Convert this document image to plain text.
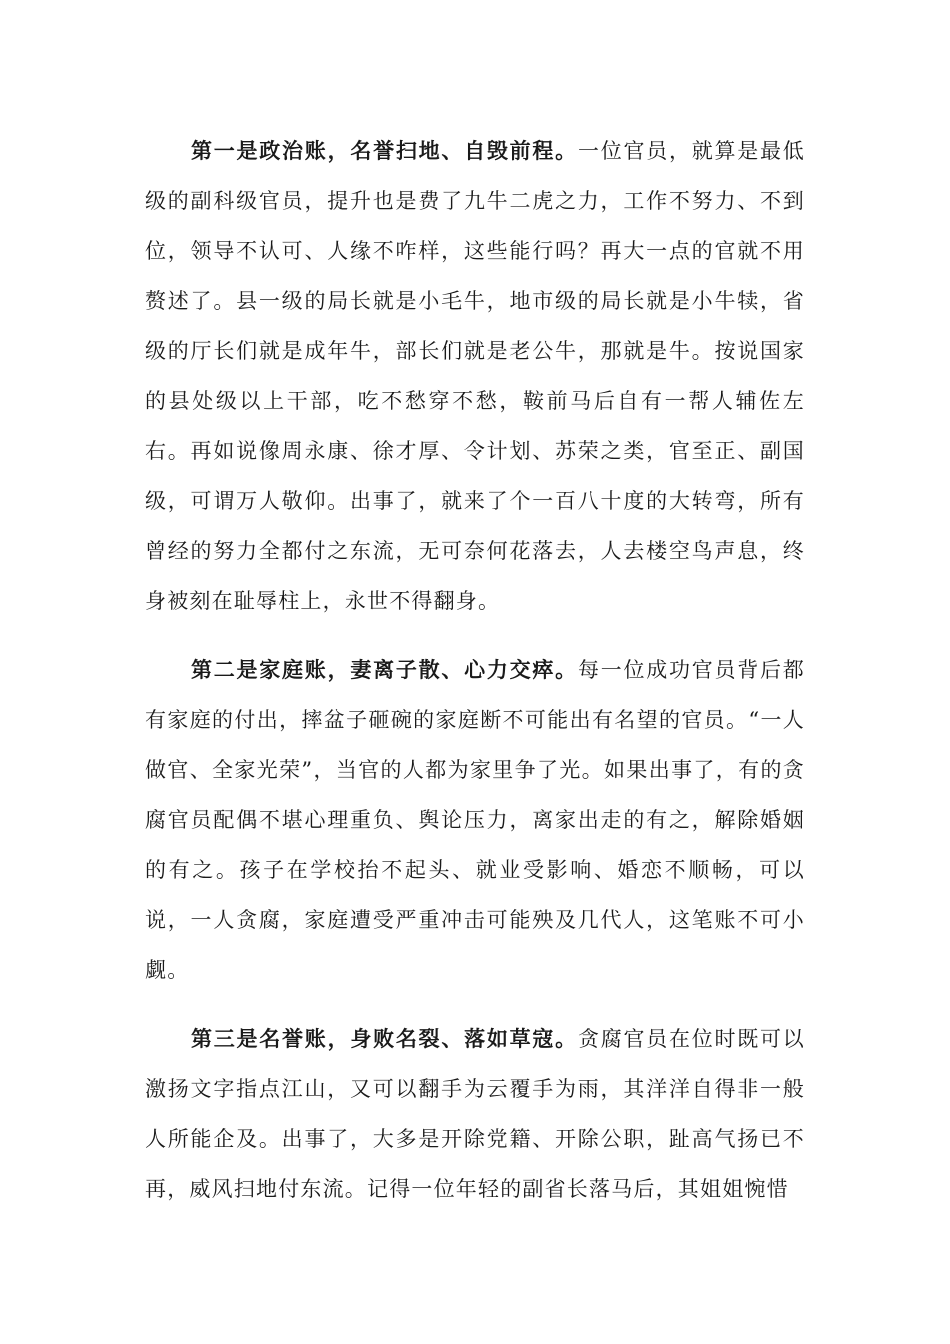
第一是政治账，名誉扫地、自毁前程。一位官员，就算是最低级的副科级官员，提升也是费了九牛二虎之力，工作不努力、不到位，领导不认可、人缘不咋样，这些能行吗？再大一点的官就不用赘述了。县一级的局长就是小毛牛，地市级的局长就是小牛犊，省级的厅长们就是成年牛，部长们就是老公牛，那就是牛。按说国家的县处级以上干部，吃不愁穿不愁，鞍前马后自有一帮人辅佐左右。再如说像周永康、徐才厚、令计划、苏荣之类，官至正、副国级，可谓万人敬仰。出事了，就来了个一百八十度的大转弯，所有曾经的努力全都付之东流，无可奈何花落去，人去楼空鸟声息，终身被刻在耻辱柱上，永世不得翻身。

第二是家庭账，妻离子散、心力交瘁。每一位成功官员背后都有家庭的付出，摔盆子砸碗的家庭断不可能出有名望的官员。“一人做官、全家光荣”，当官的人都为家里争了光。如果出事了，有的贪腐官员配偶不堪心理重负、舆论压力，离家出走的有之，解除婚姻的有之。孩子在学校抬不起头、就业受影响、婚恋不顺畅，可以说，一人贪腐，家庭遭受严重冲击可能殃及几代人，这笔账不可小觑。

第三是名誉账，身败名裂、落如草寇。贪腐官员在位时既可以激扬文字指点江山，又可以翻手为云覆手为雨，其洋洋自得非一般人所能企及。出事了，大多是开除党籍、开除公职，趾高气扬已不再，威风扫地付东流。记得一位年轻的副省长落马后，其姐姐惋惜
